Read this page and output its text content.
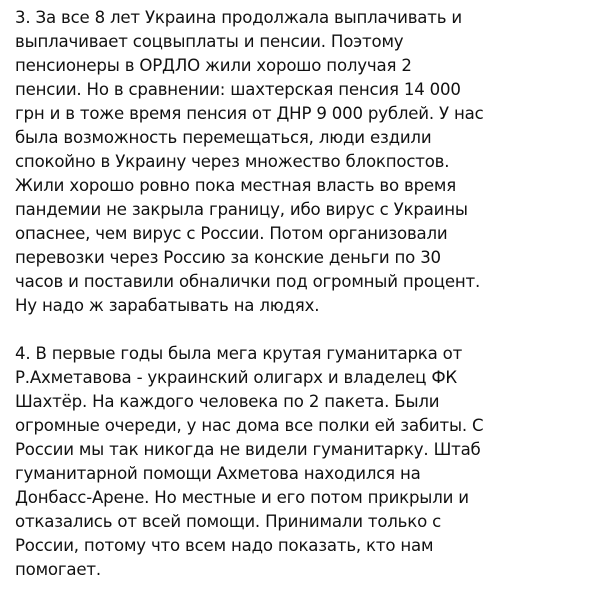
3. За все 8 лет Украина продолжала выплачивать и
выплачивает соцвыплаты и пенсии. Поэтому
пенсионеры в ОРДЛО жили хорошо получая 2
пенсии. Но в сравнении: шахтерская пенсия 14 000
грн и в тоже время пенсия от ДНР 9 000 рублей. У нас
была возможность перемещаться, люди ездили
спокойно в Украину через множество блокпостов.
Жили хорошо ровно пока местная власть во время
пандемии не закрыла границу, ибо вирус с Украины
опаснее, чем вирус с России. Потом организовали
перевозки через Россию за конские деньги по 30
часов и поставили обналички под огромный процент.
Ну надо ж зарабатывать на людях.

4. В первые годы была мега крутая гуманитарка от
Р.Ахметавова - украинский олигарх и владелец ФК
Шахтёр. На каждого человека по 2 пакета. Были
огромные очереди, у нас дома все полки ей забиты. С
России мы так никогда не видели гуманитарку. Штаб
гуманитарной помощи Ахметова находился на
Донбасс-Арене. Но местные и его потом прикрыли и
отказались от всей помощи. Принимали только с
России, потому что всем надо показать, кто нам
помогает.
